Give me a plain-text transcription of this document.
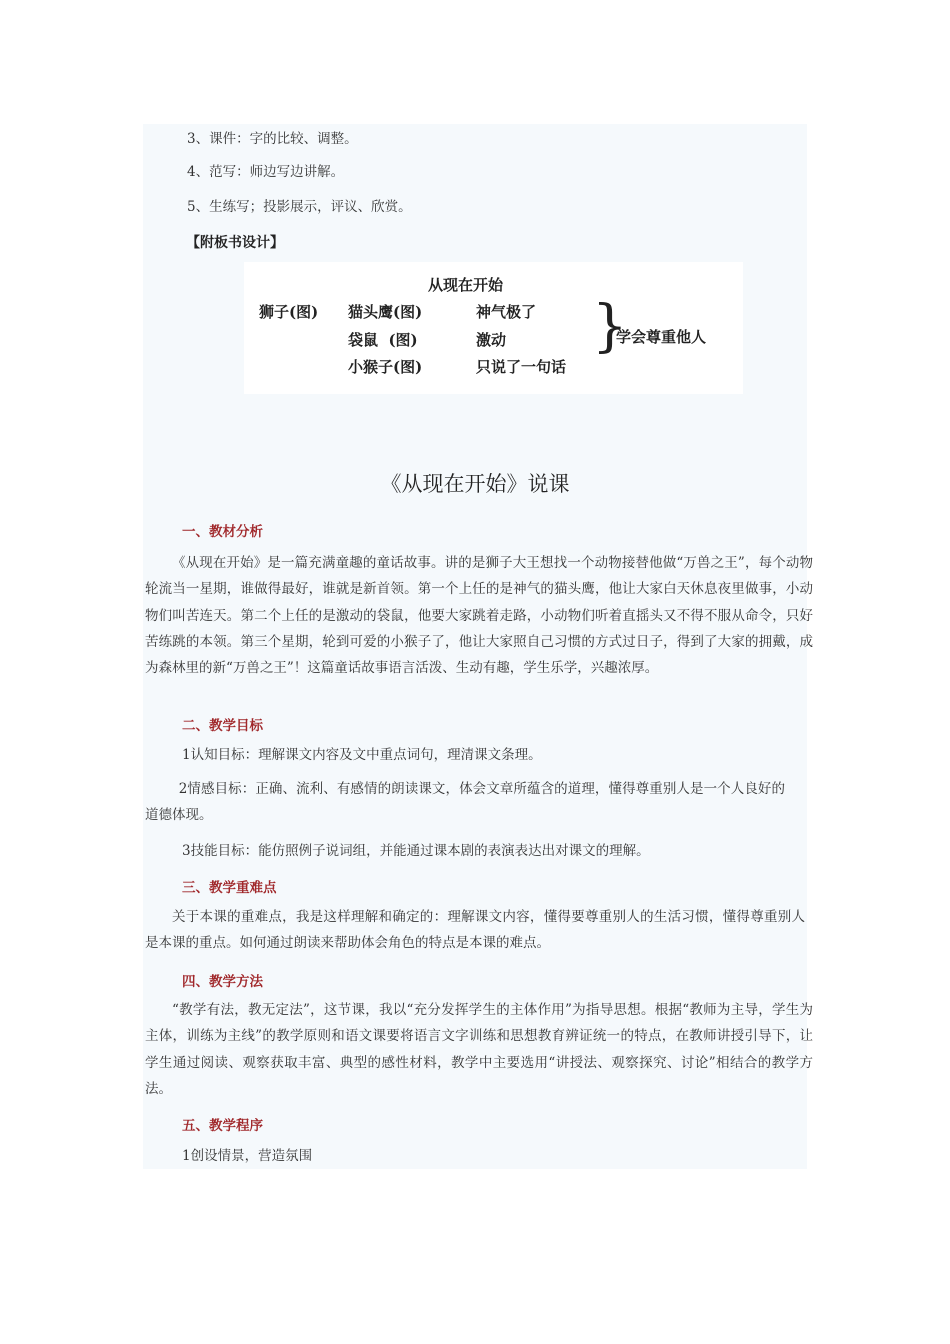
3、课件：字的比较、调整。
4、范写：师边写边讲解。
5、生练写；投影展示，评议、欣赏。
【附板书设计】
从现在开始
狮子(图) 猫头鹰(图)
袋鼠  (图)
小猴子(图)
神气极了
激动
只说了一句话
}
学会尊重他人
《从现在开始》说课
一、教材分析
《从现在开始》是一篇充满童趣的童话故事。讲的是狮子大王想找一个动物接替他做“万兽之王”，每个动物轮流当一星期，谁做得最好，谁就是新首领。第一个上任的是神气的猫头鹰，他让大家白天休息夜里做事，小动物们叫苦连天。第二个上任的是激动的袋鼠，他要大家跳着走路，小动物们听着直摇头又不得不服从命令，只好苦练跳的本领。第三个星期，轮到可爱的小猴子了，他让大家照自己习惯的方式过日子，得到了大家的拥戴，成为森林里的新“万兽之王”！这篇童话故事语言活泼、生动有趣，学生乐学，兴趣浓厚。
二、教学目标
1认知目标：理解课文内容及文中重点词句，理清课文条理。
2情感目标：正确、流利、有感情的朗读课文，体会文章所蕴含的道理，懂得尊重别人是一个人良好的道德体现。
3技能目标：能仿照例子说词组，并能通过课本剧的表演表达出对课文的理解。
三、教学重难点
关于本课的重难点，我是这样理解和确定的：理解课文内容，懂得要尊重别人的生活习惯，懂得尊重别人是本课的重点。如何通过朗读来帮助体会角色的特点是本课的难点。
四、教学方法
“教学有法，教无定法”，这节课，我以“充分发挥学生的主体作用”为指导思想。根据“教师为主导，学生为主体，训练为主线”的教学原则和语文课要将语言文字训练和思想教育辨证统一的特点，在教师讲授引导下，让学生通过阅读、观察获取丰富、典型的感性材料，教学中主要选用“讲授法、观察探究、讨论”相结合的教学方法。
五、教学程序
1创设情景，营造氛围
